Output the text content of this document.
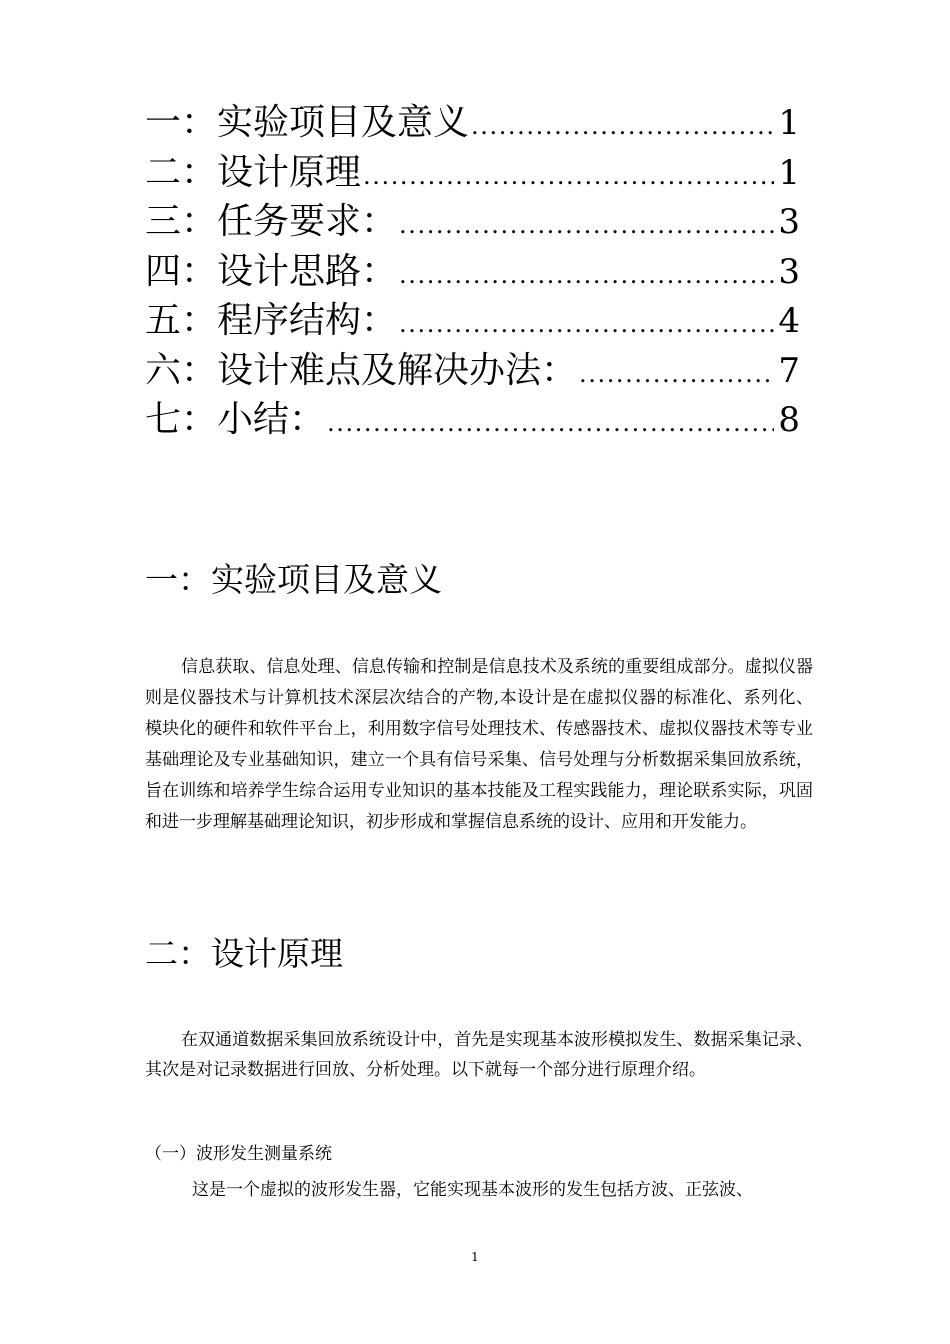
一：实验项目及意义 .....	1
二：设计原理 .....	1
三：任务要求： .....	3
四：设计思路： .....	3
五：程序结构： .....	4
六：设计难点及解决办法： .....	7
七：小结： .....	8
一：实验项目及意义
信息获取、信息处理、信息传输和控制是信息技术及系统的重要组成部分。虚拟仪器则是仪器技术与计算机技术深层次结合的产物,本设计是在虚拟仪器的标准化、系列化、模块化的硬件和软件平台上，利用数字信号处理技术、传感器技术、虚拟仪器技术等专业基础理论及专业基础知识，建立一个具有信号采集、信号处理与分析数据采集回放系统，旨在训练和培养学生综合运用专业知识的基本技能及工程实践能力，理论联系实际，巩固和进一步理解基础理论知识，初步形成和掌握信息系统的设计、应用和开发能力。
二：设计原理
在双通道数据采集回放系统设计中，首先是实现基本波形模拟发生、数据采集记录、其次是对记录数据进行回放、分析处理。以下就每一个部分进行原理介绍。
（一）波形发生测量系统
这是一个虚拟的波形发生器，它能实现基本波形的发生包括方波、正弦波、
1
